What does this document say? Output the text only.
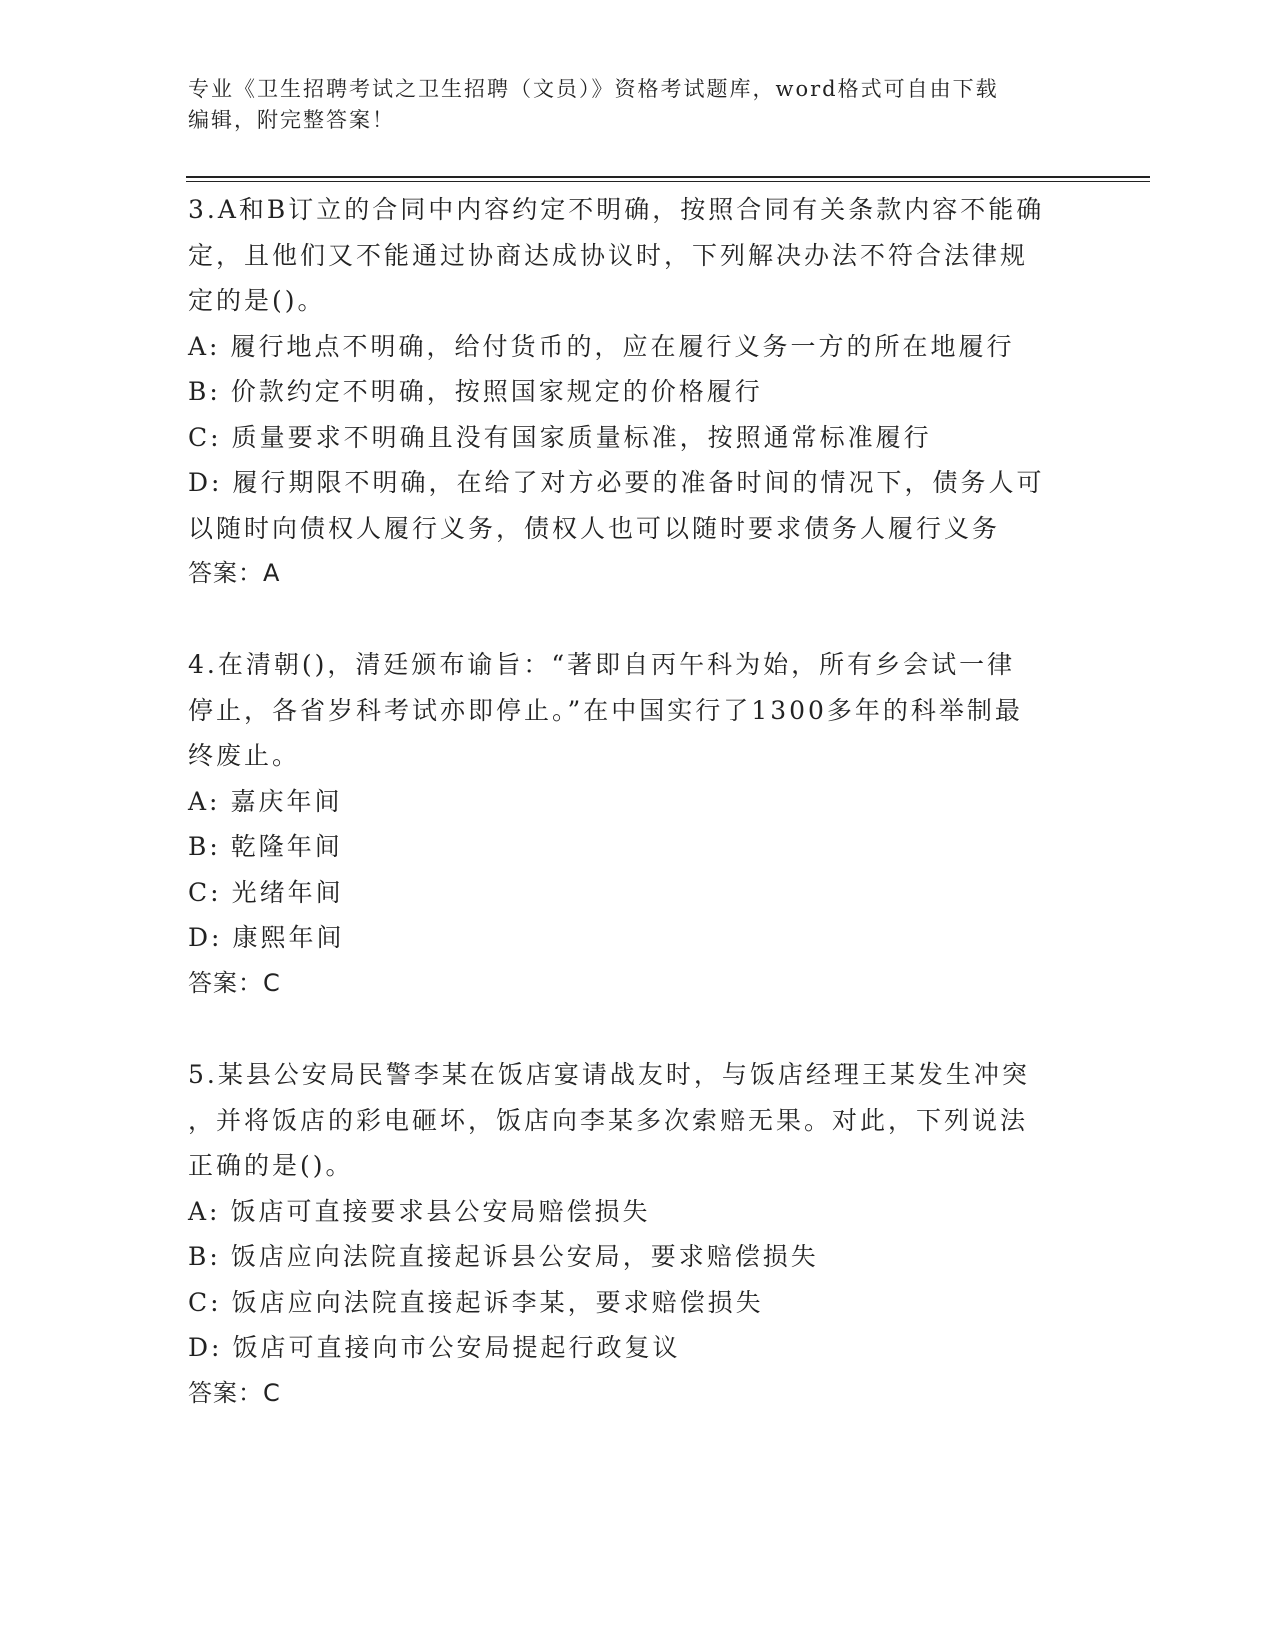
专业《卫生招聘考试之卫生招聘（文员）》资格考试题库，word格式可自由下载
编辑，附完整答案！
3.A和B订立的合同中内容约定不明确，按照合同有关条款内容不能确
定，且他们又不能通过协商达成协议时，下列解决办法不符合法律规
定的是()。
A: 履行地点不明确，给付货币的，应在履行义务一方的所在地履行
B: 价款约定不明确，按照国家规定的价格履行
C: 质量要求不明确且没有国家质量标准，按照通常标准履行
D: 履行期限不明确，在给了对方必要的准备时间的情况下，债务人可
以随时向债权人履行义务，债权人也可以随时要求债务人履行义务
答案：A
4.在清朝()，清廷颁布谕旨：“著即自丙午科为始，所有乡会试一律
停止，各省岁科考试亦即停止。”在中国实行了1300多年的科举制最
终废止。
A: 嘉庆年间
B: 乾隆年间
C: 光绪年间
D: 康熙年间
答案：C
5.某县公安局民警李某在饭店宴请战友时，与饭店经理王某发生冲突
，并将饭店的彩电砸坏，饭店向李某多次索赔无果。对此，下列说法
正确的是()。
A: 饭店可直接要求县公安局赔偿损失
B: 饭店应向法院直接起诉县公安局，要求赔偿损失
C: 饭店应向法院直接起诉李某，要求赔偿损失
D: 饭店可直接向市公安局提起行政复议
答案：C
